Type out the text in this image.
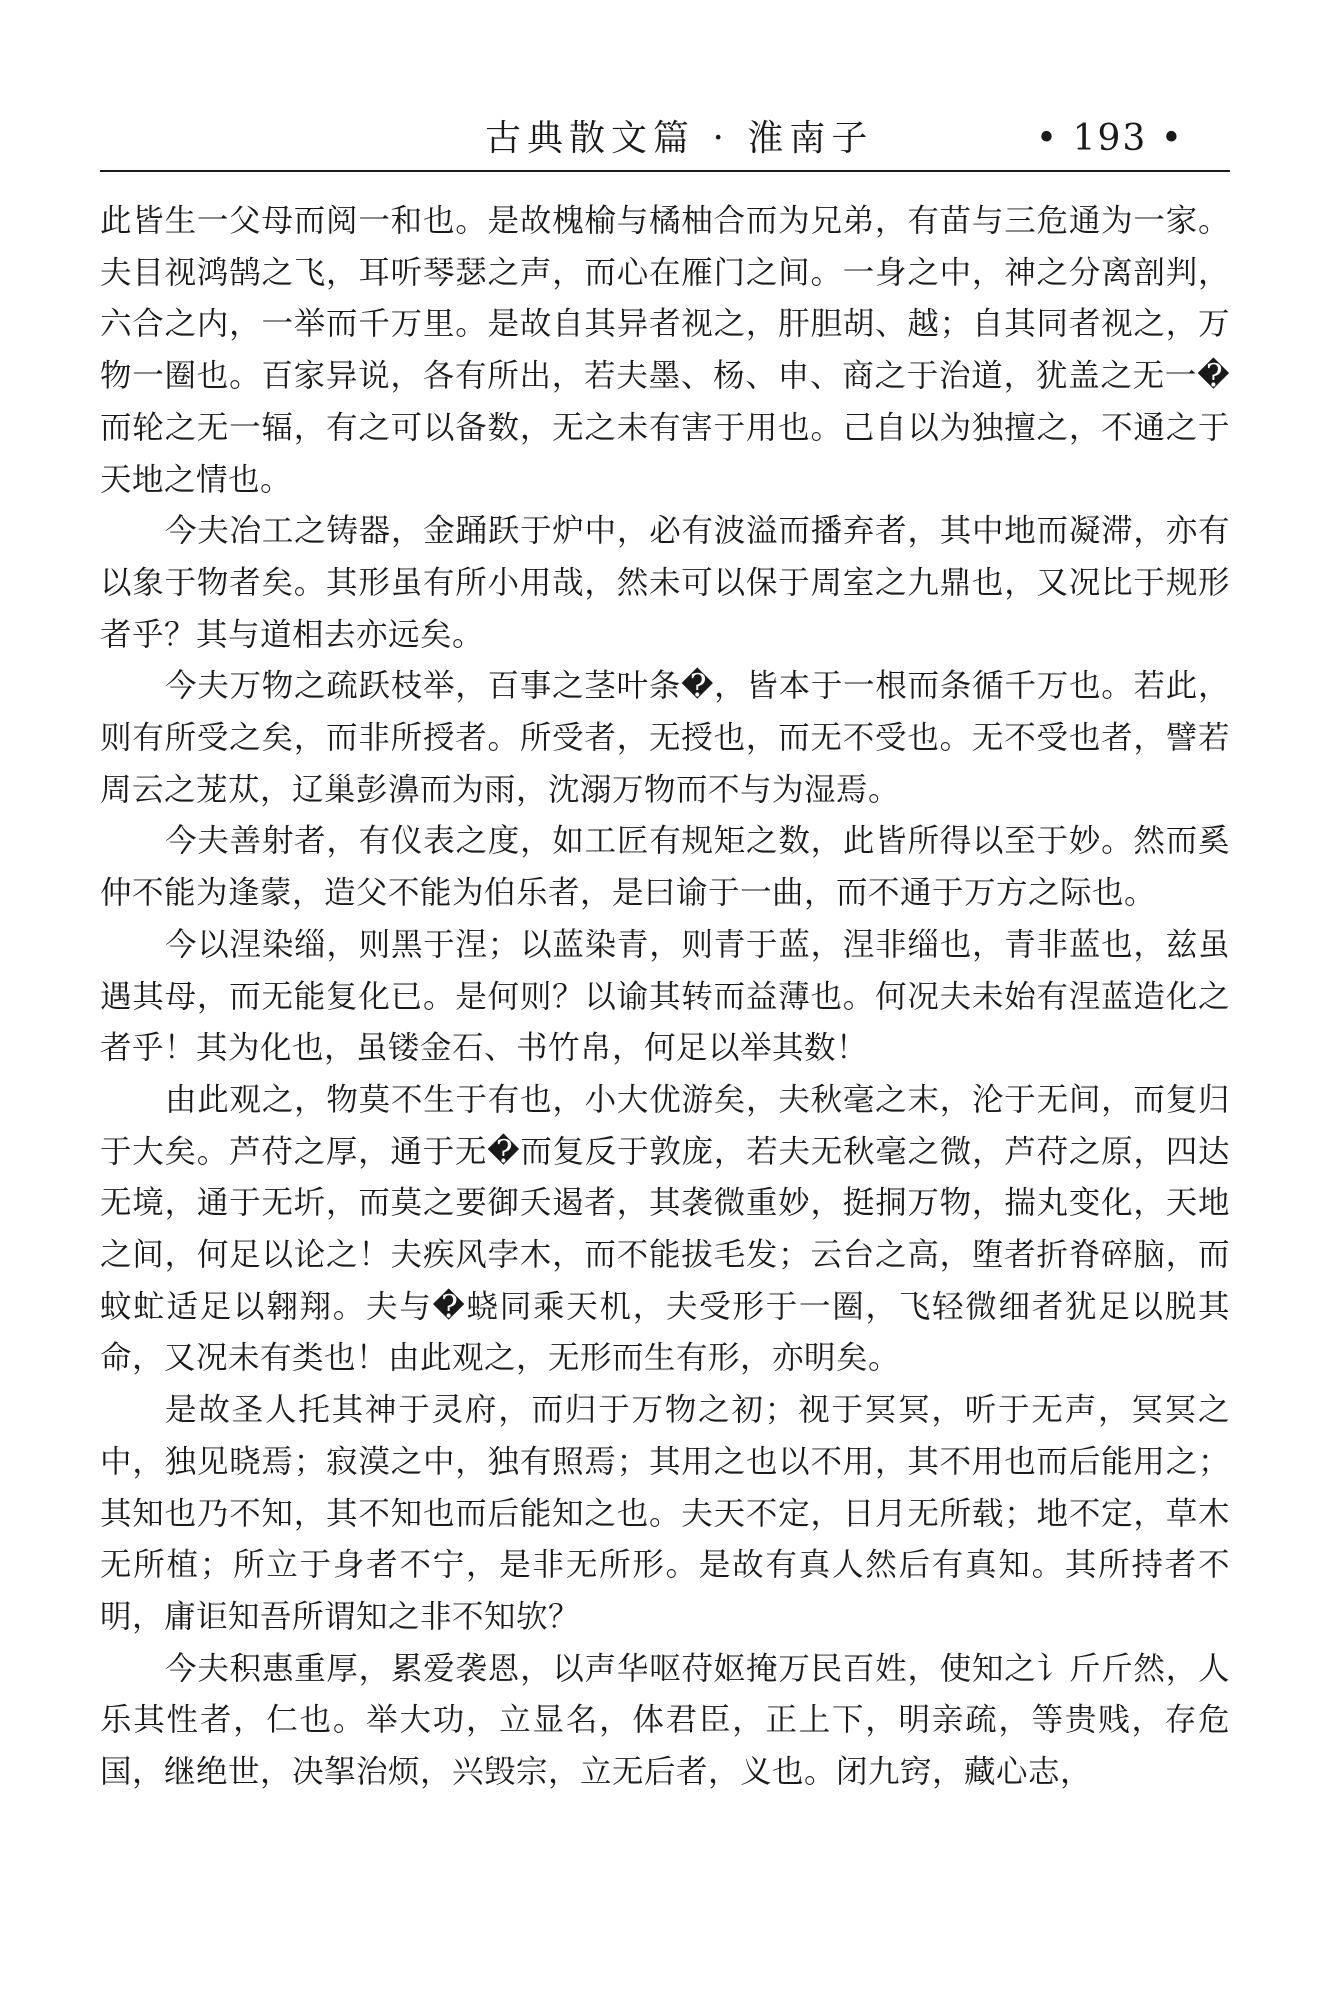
古典散文篇 · 淮南子	• 193 •

此皆生一父母而阅一和也。是故槐榆与橘柚合而为兄弟，有苗与三危通为一家。夫目视鸿鹄之飞，耳听琴瑟之声，而心在雁门之间。一身之中，神之分离剖判，六合之内，一举而千万里。是故自其异者视之，肝胆胡、越；自其同者视之，万物一圈也。百家异说，各有所出，若夫墨、杨、申、商之于治道，犹盖之无一�而轮之无一辐，有之可以备数，无之未有害于用也。己自以为独擅之，不通之于天地之情也。

今夫冶工之铸器，金踊跃于炉中，必有波溢而播弃者，其中地而凝滞，亦有以象于物者矣。其形虽有所小用哉，然未可以保于周室之九鼎也，又况比于规形者乎？其与道相去亦远矣。

今夫万物之疏跃枝举，百事之茎叶条�，皆本于一根而条循千万也。若此，则有所受之矣，而非所授者。所受者，无授也，而无不受也。无不受也者，譬若周云之茏苁，辽巢彭濞而为雨，沈溺万物而不与为湿焉。

今夫善射者，有仪表之度，如工匠有规矩之数，此皆所得以至于妙。然而奚仲不能为逢蒙，造父不能为伯乐者，是曰谕于一曲，而不通于万方之际也。

今以涅染缁，则黑于涅；以蓝染青，则青于蓝，涅非缁也，青非蓝也，兹虽遇其母，而无能复化已。是何则？以谕其转而益薄也。何况夫未始有涅蓝造化之者乎！其为化也，虽镂金石、书竹帛，何足以举其数！

由此观之，物莫不生于有也，小大优游矣，夫秋毫之末，沦于无间，而复归于大矣。芦苻之厚，通于无�而复反于敦庞，若夫无秋毫之微，芦苻之原，四达无境，通于无圻，而莫之要御夭遏者，其袭微重妙，挺挏万物，揣丸变化，天地之间，何足以论之！夫疾风孛木，而不能拔毛发；云台之高，堕者折脊碎脑，而蚊虻适足以翱翔。夫与�蛲同乘天机，夫受形于一圈，飞轻微细者犹足以脱其命，又况未有类也！由此观之，无形而生有形，亦明矣。

是故圣人托其神于灵府，而归于万物之初；视于冥冥，听于无声，冥冥之中，独见晓焉；寂漠之中，独有照焉；其用之也以不用，其不用也而后能用之；其知也乃不知，其不知也而后能知之也。夫天不定，日月无所载；地不定，草木无所植；所立于身者不宁，是非无所形。是故有真人然后有真知。其所持者不明，庸讵知吾所谓知之非不知欤？

今夫积惠重厚，累爱袭恩，以声华呕苻妪掩万民百姓，使知之讠斤斤然，人乐其性者，仁也。举大功，立显名，体君臣，正上下，明亲疏，等贵贱，存危国，继绝世，决挐治烦，兴毁宗，立无后者，义也。闭九窍，藏心志，
